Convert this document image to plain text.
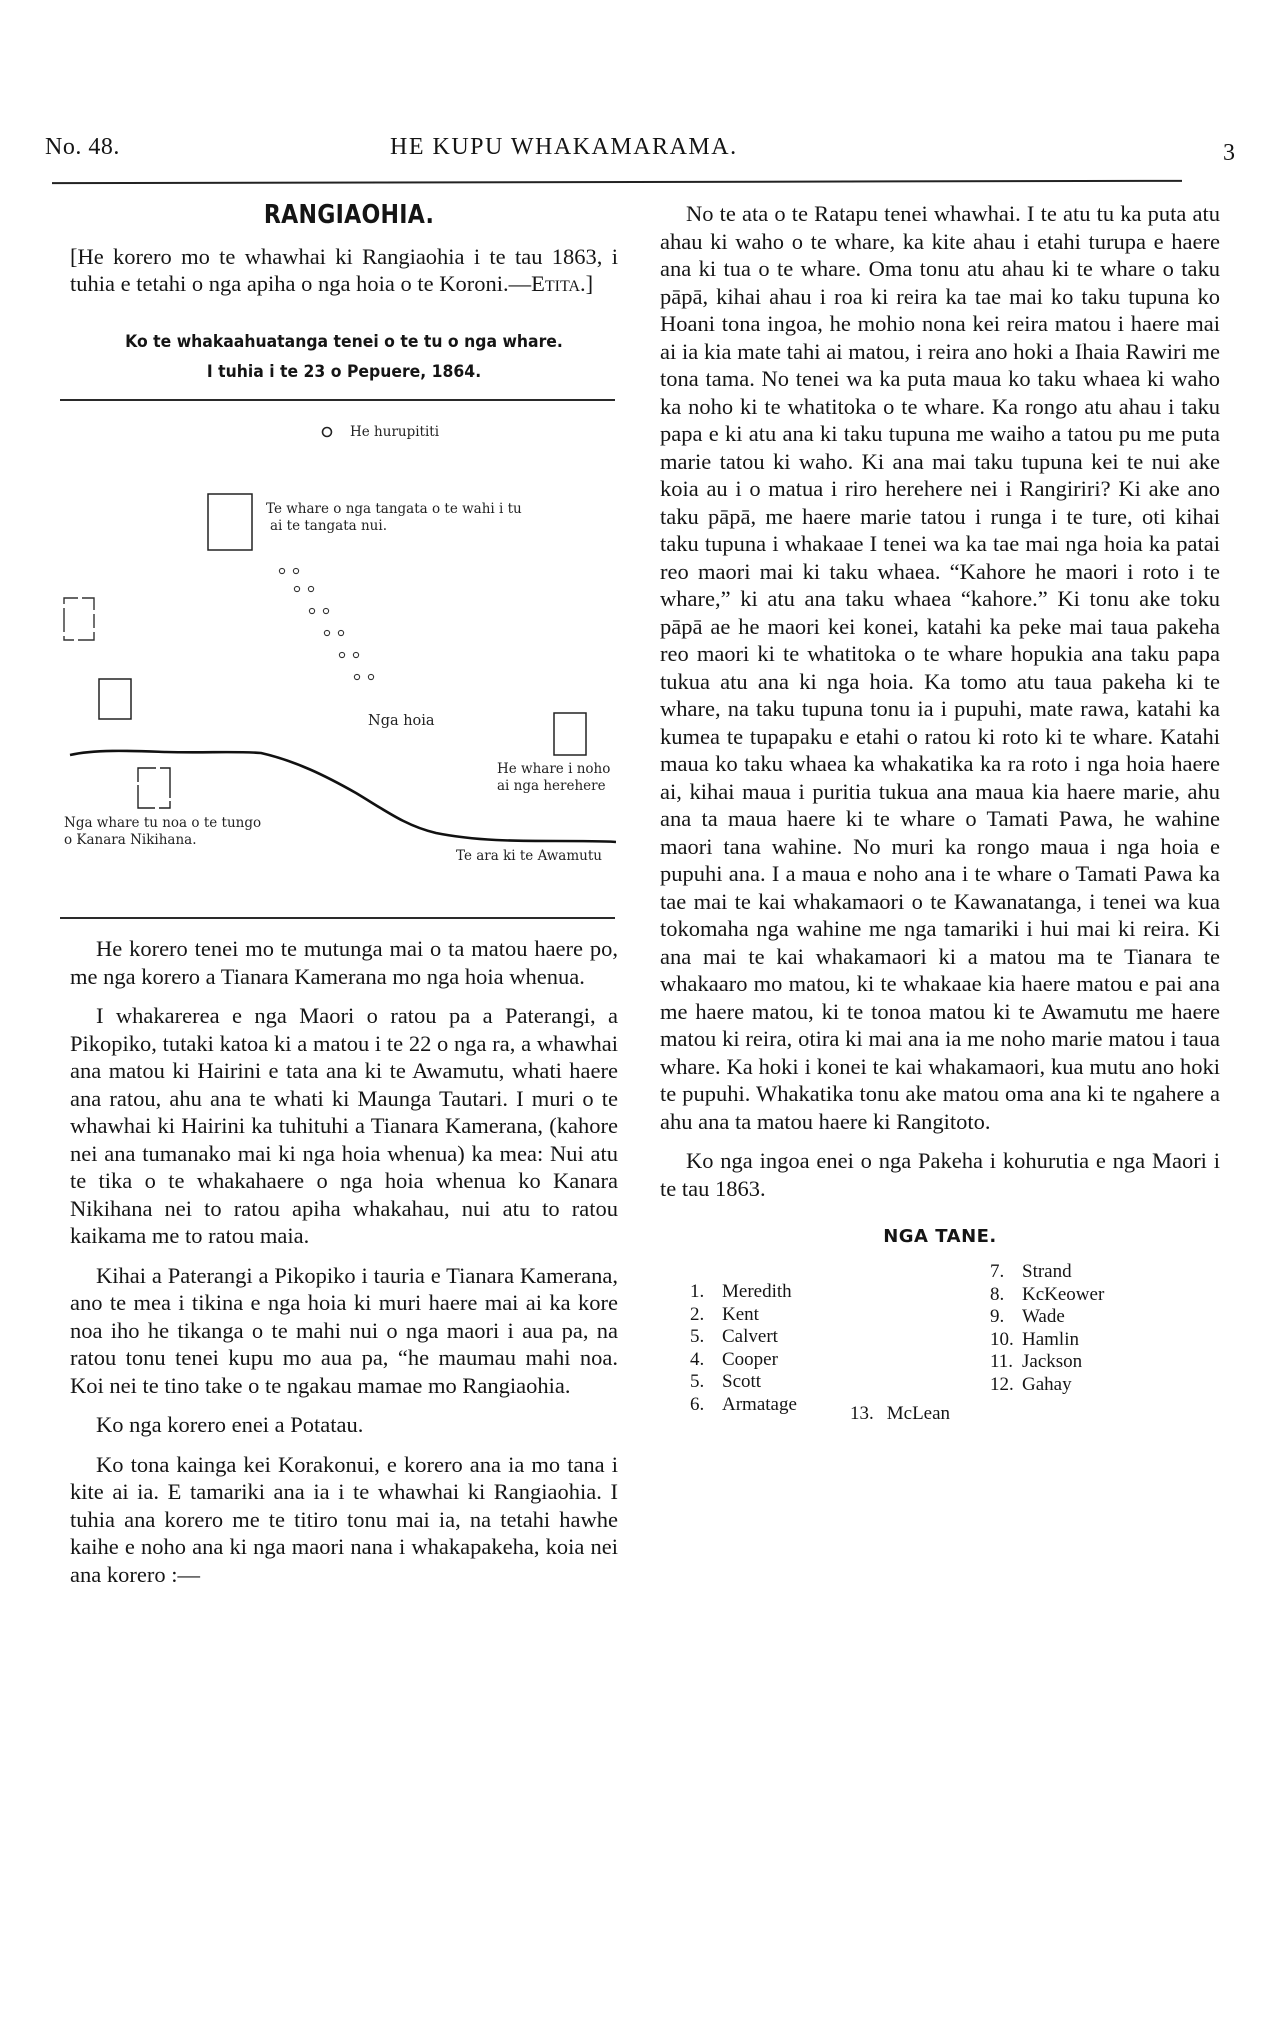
No. 48.	HE KUPU WHAKAMARAMA.	3
RANGIAOHIA.
[He korero mo te whawhai ki Rangiaohia i te tau 1863, i tuhia e tetahi o nga apiha o nga hoia o te Koroni.—Etita.]
Ko te whakaahuatanga tenei o te tu o nga whare.
I tuhia i te 23 o Pepuere, 1864.
He hurupititi
Te whare o nga tangata o te wahi i tu
ai te tangata nui.
Nga hoia
He whare i noho
ai nga herehere
Nga whare tu noa o te tungo
o Kanara Nikihana.
Te ara ki te Awamutu

He korero tenei mo te mutunga mai o ta matou haere po, me nga korero a Tianara Kamerana mo nga hoia whenua.

I whakarerea e nga Maori o ratou pa a Paterangi, a Pikopiko, tutaki katoa ki a matou i te 22 o nga ra, a whawhai ana matou ki Hairini e tata ana ki te Awamutu, whati haere ana ratou, ahu ana te whati ki Maunga Tautari. I muri o te whawhai ki Hairini ka tuhituhi a Tianara Kamerana, (kahore nei ana tumanako mai ki nga hoia whenua) ka mea: Nui atu te tika o te whakahaere o nga hoia whenua ko Kanara Nikihana nei to ratou apiha whakahau, nui atu to ratou kaikama me to ratou maia.

Kihai a Paterangi a Pikopiko i tauria e Tianara Kamerana, ano te mea i tikina e nga hoia ki muri haere mai ai ka kore noa iho he tikanga o te mahi nui o nga maori i aua pa, na ratou tonu tenei kupu mo aua pa, “he maumau mahi noa. Koi nei te tino take o te ngakau mamae mo Rangiaohia.

Ko nga korero enei a Potatau.

Ko tona kainga kei Korakonui, e korero ana ia mo tana i kite ai ia. E tamariki ana ia i te whawhai ki Rangiaohia. I tuhia ana korero me te titiro tonu mai ia, na tetahi hawhe kaihe e noho ana ki nga maori nana i whakapakeha, koia nei ana korero :—

No te ata o te Ratapu tenei whawhai. I te atu tu ka puta atu ahau ki waho o te whare, ka kite ahau i etahi turupa e haere ana ki tua o te whare. Oma tonu atu ahau ki te whare o taku pāpā, kihai ahau i roa ki reira ka tae mai ko taku tupuna ko Hoani tona ingoa, he mohio nona kei reira matou i haere mai ai ia kia mate tahi ai matou, i reira ano hoki a Ihaia Rawiri me tona tama. No tenei wa ka puta maua ko taku whaea ki waho ka noho ki te whatitoka o te whare. Ka rongo atu ahau i taku papa e ki atu ana ki taku tupuna me waiho a tatou pu me puta marie tatou ki waho. Ki ana mai taku tupuna kei te nui ake koia au i o matua i riro herehere nei i Rangiriri? Ki ake ano taku pāpā, me haere marie tatou i runga i te ture, oti kihai taku tupuna i whakaae I tenei wa ka tae mai nga hoia ka patai reo maori mai ki taku whaea. “Kahore he maori i roto i te whare,” ki atu ana taku whaea “kahore.” Ki tonu ake toku pāpā ae he maori kei konei, katahi ka peke mai taua pakeha reo maori ki te whatitoka o te whare hopukia ana taku papa tukua atu ana ki nga hoia. Ka tomo atu taua pakeha ki te whare, na taku tupuna tonu ia i pupuhi, mate rawa, katahi ka kumea te tupapaku e etahi o ratou ki roto ki te whare. Katahi maua ko taku whaea ka whakatika ka ra roto i nga hoia haere ai, kihai maua i puritia tukua ana maua kia haere marie, ahu ana ta maua haere ki te whare o Tamati Pawa, he wahine maori tana wahine. No muri ka rongo maua i nga hoia e pupuhi ana. I a maua e noho ana i te whare o Tamati Pawa ka tae mai te kai whakamaori o te Kawanatanga, i tenei wa kua tokomaha nga wahine me nga tamariki i hui mai ki reira. Ki ana mai te kai whakamaori ki a matou ma te Tianara te whakaaro mo matou, ki te whakaae kia haere matou e pai ana me haere matou, ki te tonoa matou ki te Awamutu me haere matou ki reira, otira ki mai ana ia me noho marie matou i taua whare. Ka hoki i konei te kai whakamaori, kua mutu ano hoki te pupuhi. Whakatika tonu ake matou oma ana ki te ngahere a ahu ana ta matou haere ki Rangitoto.

Ko nga ingoa enei o nga Pakeha i kohurutia e nga Maori i te tau 1863.

NGA TANE.
1. Meredith
2. Kent
5. Calvert
4. Cooper
5. Scott
6. Armatage
7. Strand
8. KcKeower
9. Wade
10. Hamlin
11. Jackson
12. Gahay
13. McLean
